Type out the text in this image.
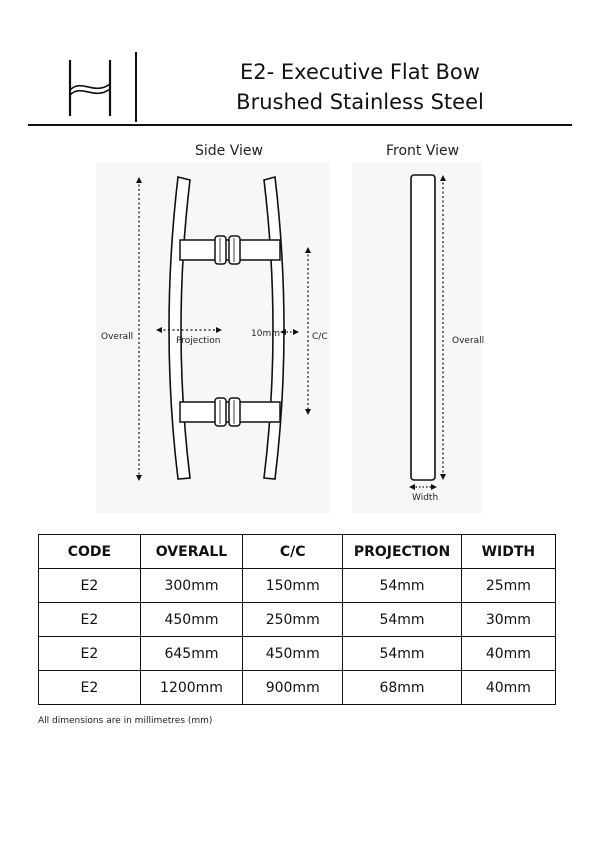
E2- Executive Flat Bow
Brushed Stainless Steel
Side View	Front View
Overall	Projection
10mm	C/C	Overall
Width
CODE	OVERALL	C/C	PROJECTION	WIDTH
E2	300mm	150mm	54mm	25mm
E2	450mm	250mm	54mm	30mm
E2	645mm	450mm	54mm	40mm
E2	1200mm	900mm	68mm	40mm
All dimensions are in millimetres (mm)
